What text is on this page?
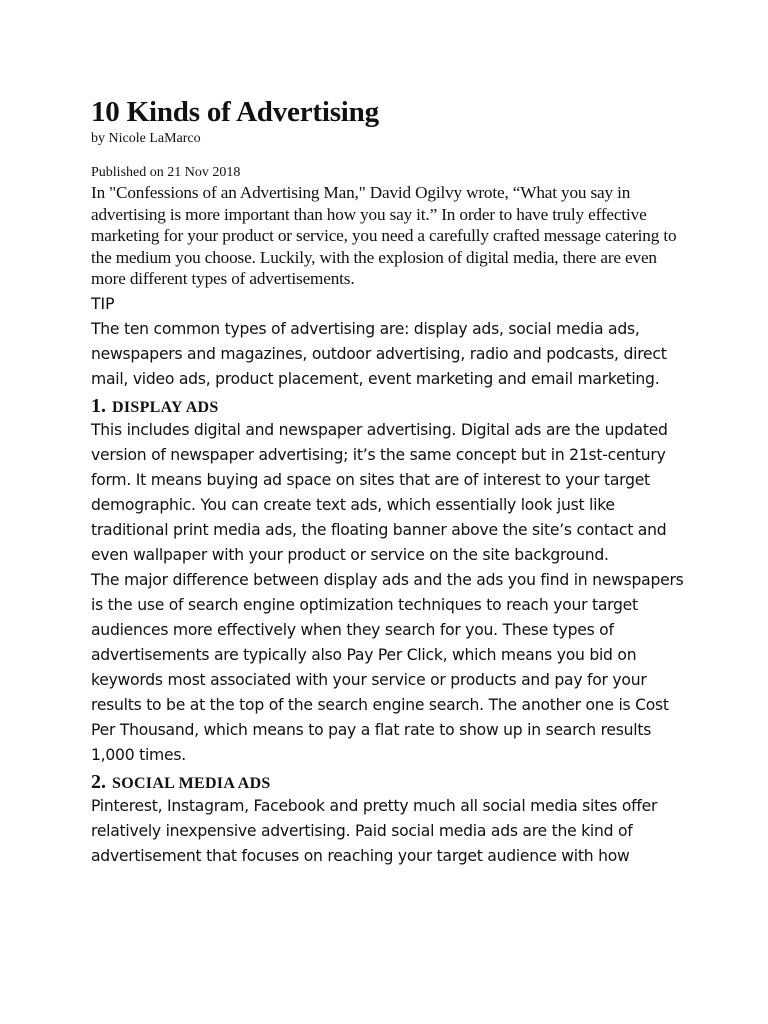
10 Kinds of Advertising

by Nicole LaMarco

Published on 21 Nov 2018

In "Confessions of an Advertising Man," David Ogilvy wrote, “What you say in advertising is more important than how you say it.” In order to have truly effective marketing for your product or service, you need a carefully crafted message catering to the medium you choose. Luckily, with the explosion of digital media, there are even more different types of advertisements.

TIP

The ten common types of advertising are: display ads, social media ads, newspapers and magazines, outdoor advertising, radio and podcasts, direct mail, video ads, product placement, event marketing and email marketing.

1. DISPLAY ADS

This includes digital and newspaper advertising. Digital ads are the updated version of newspaper advertising; it’s the same concept but in 21st-century form. It means buying ad space on sites that are of interest to your target demographic. You can create text ads, which essentially look just like traditional print media ads, the floating banner above the site’s contact and even wallpaper with your product or service on the site background.

The major difference between display ads and the ads you find in newspapers is the use of search engine optimization techniques to reach your target audiences more effectively when they search for you. These types of advertisements are typically also Pay Per Click, which means you bid on keywords most associated with your service or products and pay for your results to be at the top of the search engine search. The another one is Cost Per Thousand, which means to pay a flat rate to show up in search results 1,000 times.

2. SOCIAL MEDIA ADS

Pinterest, Instagram, Facebook and pretty much all social media sites offer relatively inexpensive advertising. Paid social media ads are the kind of advertisement that focuses on reaching your target audience with how
